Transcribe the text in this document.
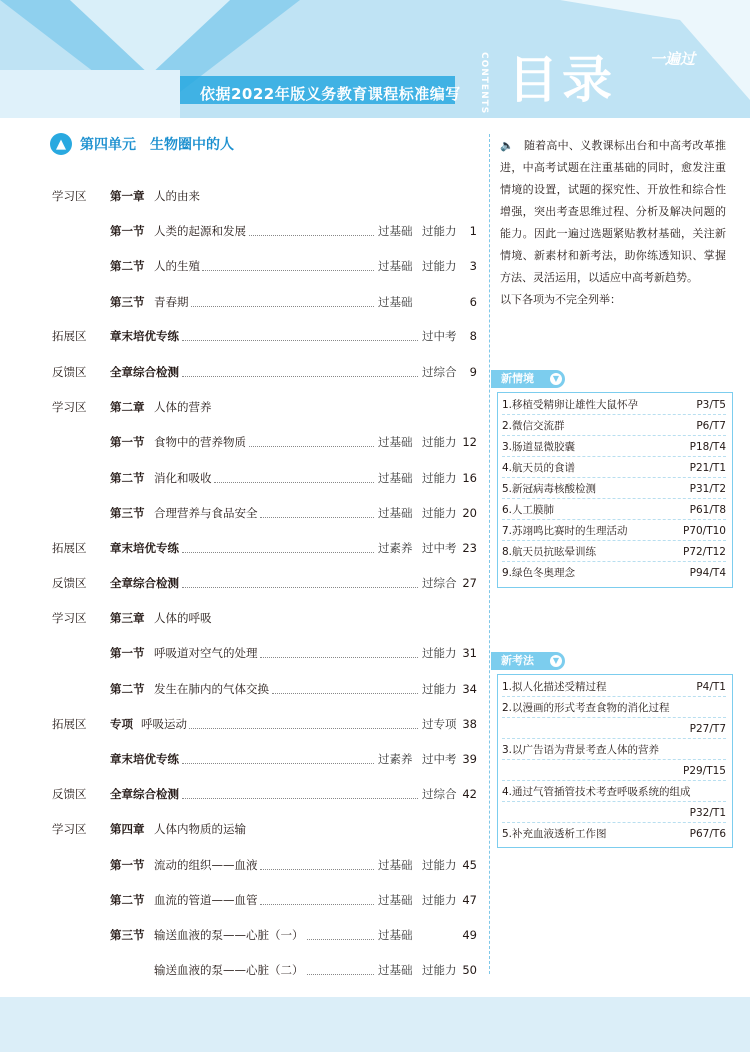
依据2022年版义务教育课程标准编写 CONTENTS 目录 一遍过
▲	第四单元　生物圈中的人
学习区 第一章 人的由来
第一节 人类的起源和发展	过基础 过能力 1
第二节 人的生殖	过基础 过能力 3
第三节 青春期	过基础	6
拓展区 章末培优专练	过中考 8
反馈区 全章综合检测	过综合 9
学习区 第二章 人体的营养
第一节 食物中的营养物质	过基础 过能力 12
第二节 消化和吸收	过基础 过能力 16
第三节 合理营养与食品安全	过基础 过能力 20
拓展区 章末培优专练	过素养 过中考 23
反馈区 全章综合检测	过综合 27
学习区 第三章 人体的呼吸
第一节 呼吸道对空气的处理	过能力 31
第二节 发生在肺内的气体交换	过能力 34
拓展区 专项 呼吸运动	过专项 38
章末培优专练	过素养 过中考 39
反馈区 全章综合检测	过综合 42
学习区 第四章 人体内物质的运输
第一节 流动的组织——血液	过基础 过能力 45
第二节 血流的管道——血管	过基础 过能力 47
第三节 输送血液的泵——心脏（一）	过基础	49
输送血液的泵——心脏（二）	过基础 过能力 50
🔈 随着高中、义教课标出台和中高考改革推进，中高考试题在注重基础的同时，愈发注重情境的设置，试题的探究性、开放性和综合性增强，突出考查思维过程、分析及解决问题的能力。因此一遍过选题紧贴教材基础，关注新情境、新素材和新考法，助你练透知识、掌握方法、灵活运用，以适应中高考新趋势。
以下各项为不完全列举：
新情境	▼
1.移植受精卵让雄性大鼠怀孕	P3/T5
2.微信交流群	P6/T7
3.肠道显微胶囊	P18/T4
4.航天员的食谱	P21/T1
5.新冠病毒核酸检测	P31/T2
6.人工膜肺	P61/T8
7.苏翊鸣比赛时的生理活动	P70/T10
8.航天员抗眩晕训练	P72/T12
9.绿色冬奥理念	P94/T4
新考法	▼
1.拟人化描述受精过程	P4/T1
2.以漫画的形式考查食物的消化过程
P27/T7
3.以广告语为背景考查人体的营养
P29/T15
4.通过气管插管技术考查呼吸系统的组成
P32/T1
5.补充血液透析工作图	P67/T6
